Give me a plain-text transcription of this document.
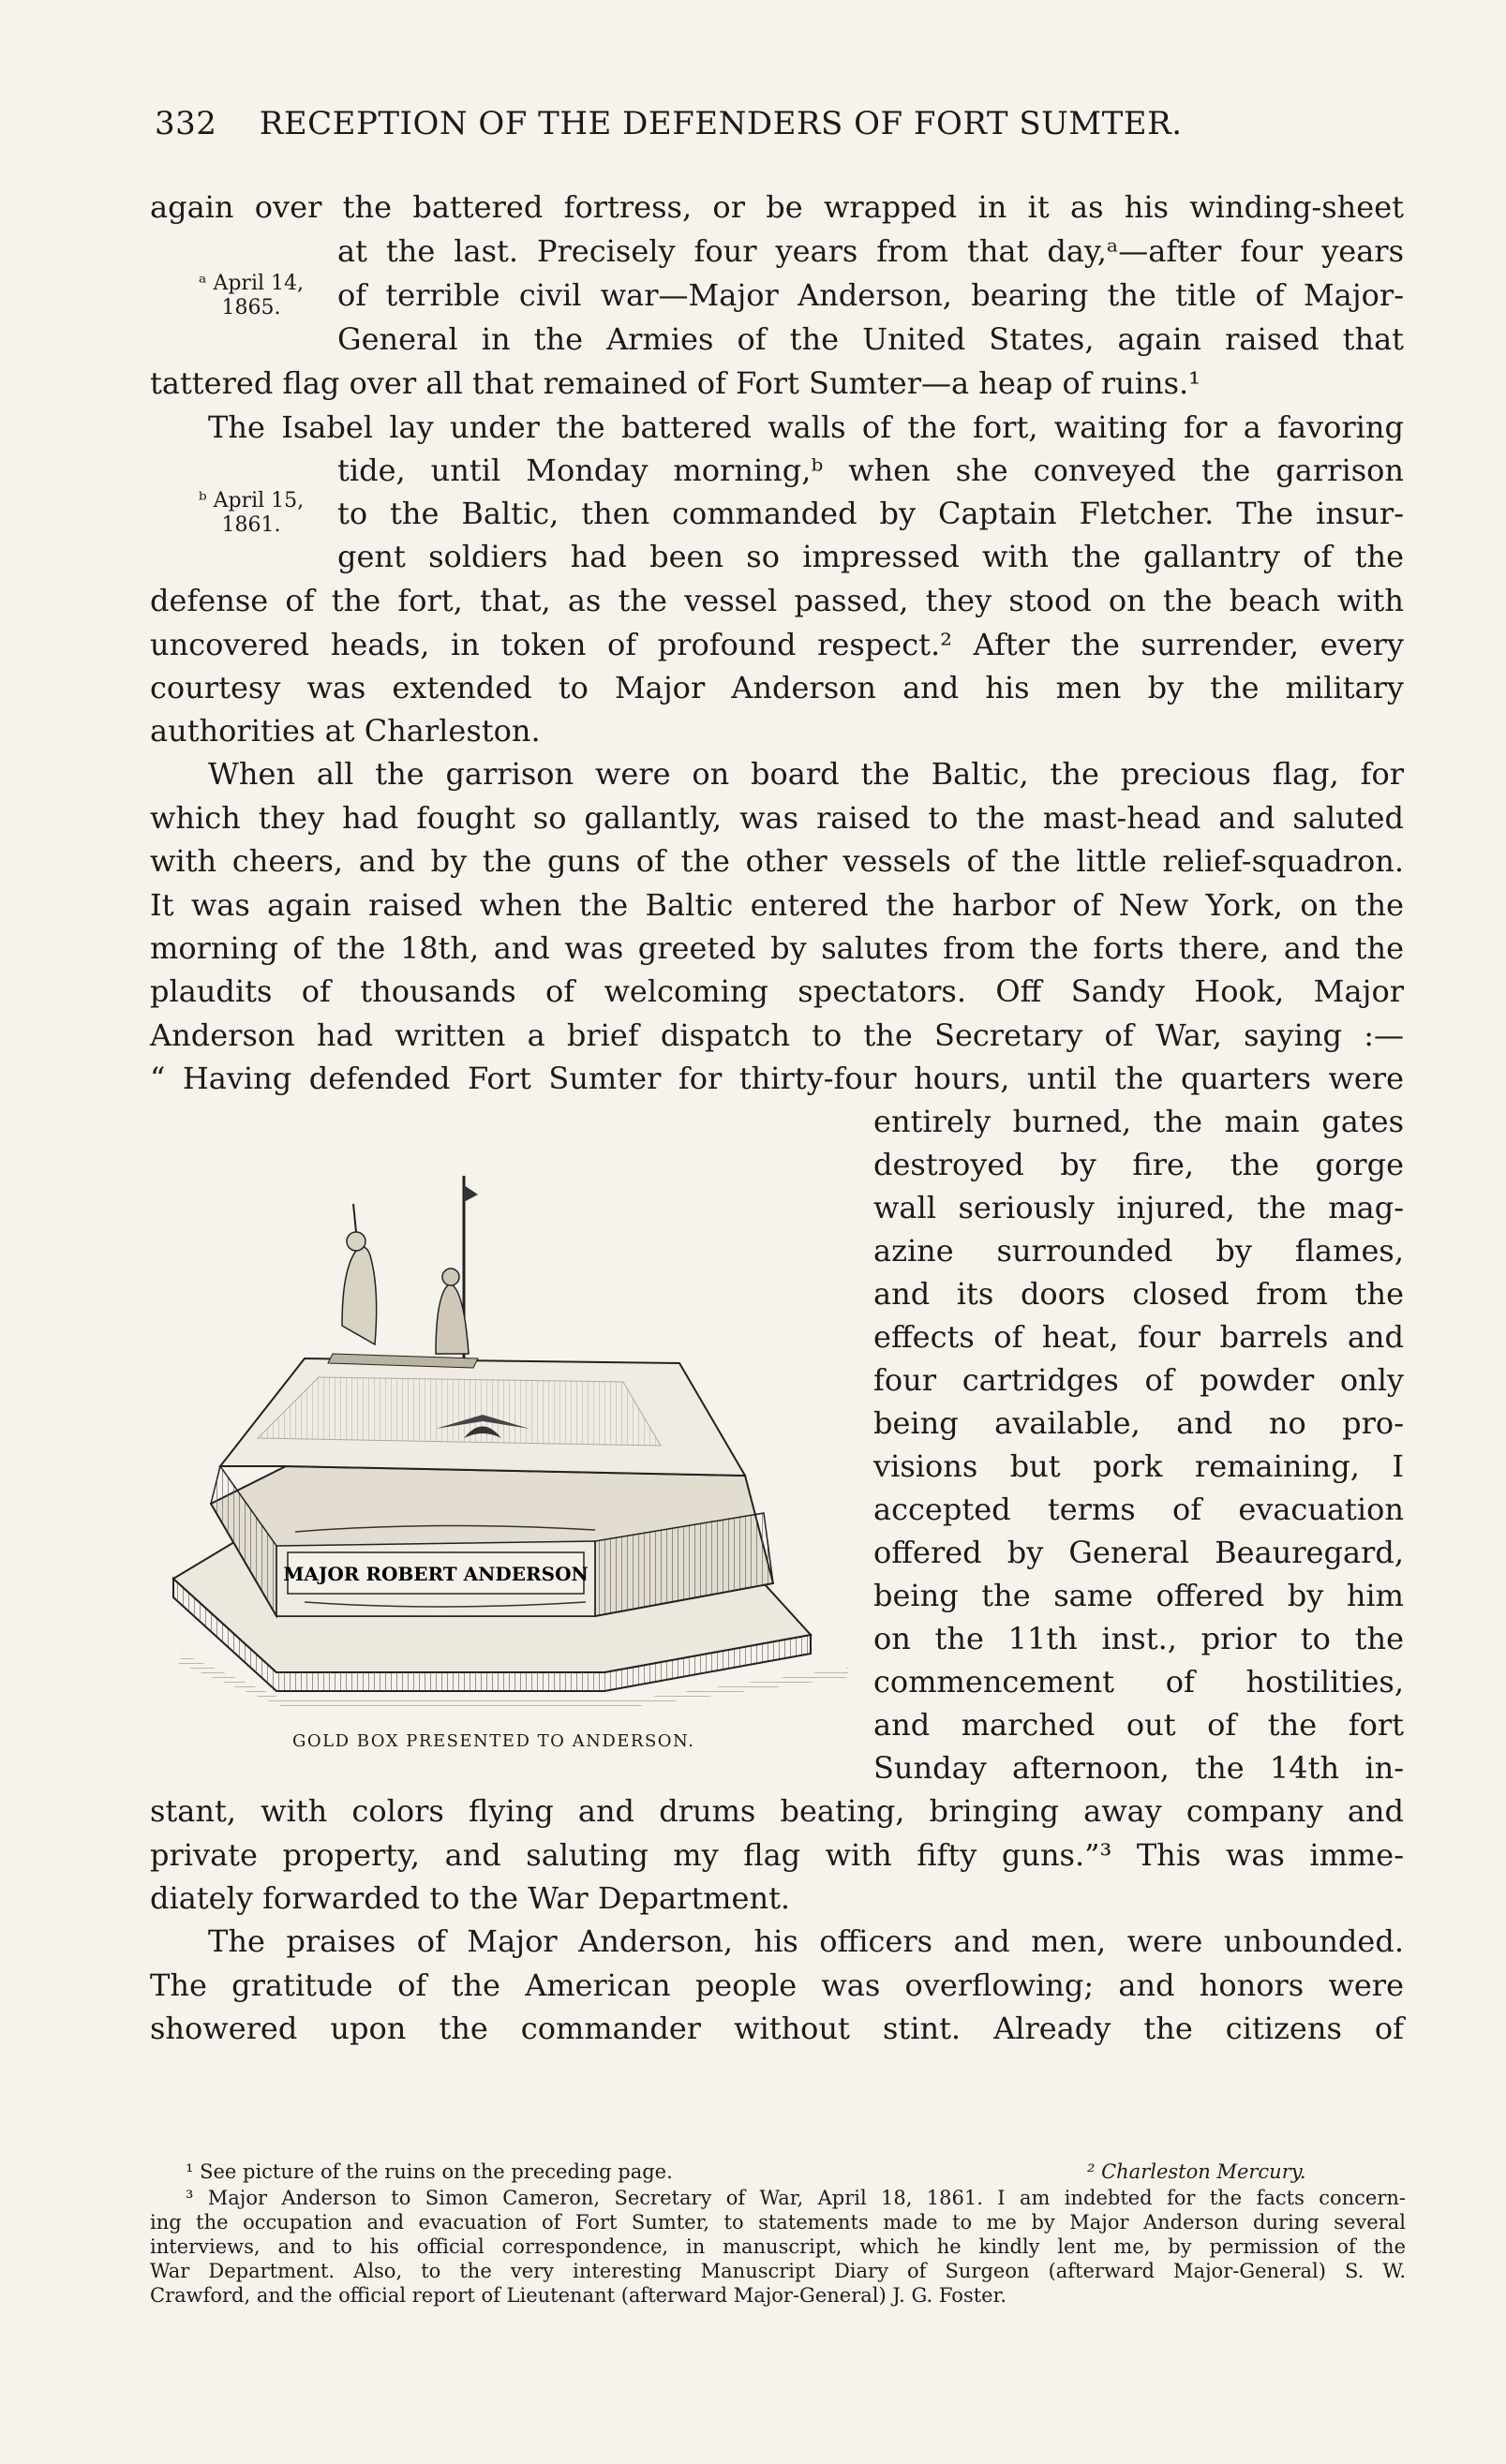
332 RECEPTION OF THE DEFENDERS OF FORT SUMTER.
ᵃ April 14,
1865.
ᵇ April 15,
1861.
again over the battered fortress, or be wrapped in it as his winding-sheet
at the last. Precisely four years from that day,ᵃ—after four years
of terrible civil war—Major Anderson, bearing the title of Major-
General in the Armies of the United States, again raised that
tattered flag over all that remained of Fort Sumter—a heap of ruins.¹
The Isabel lay under the battered walls of the fort, waiting for a favoring
tide, until Monday morning,ᵇ when she conveyed the garrison
to the Baltic, then commanded by Captain Fletcher. The insur-
gent soldiers had been so impressed with the gallantry of the
defense of the fort, that, as the vessel passed, they stood on the beach with
uncovered heads, in token of profound respect.² After the surrender, every
courtesy was extended to Major Anderson and his men by the military
authorities at Charleston.
When all the garrison were on board the Baltic, the precious flag, for
which they had fought so gallantly, was raised to the mast-head and saluted
with cheers, and by the guns of the other vessels of the little relief-squadron.
It was again raised when the Baltic entered the harbor of New York, on the
morning of the 18th, and was greeted by salutes from the forts there, and the
plaudits of thousands of welcoming spectators. Off Sandy Hook, Major
Anderson had written a brief dispatch to the Secretary of War, saying :—
“ Having defended Fort Sumter for thirty-four hours, until the quarters were
entirely burned, the main gates
destroyed by fire, the gorge
wall seriously injured, the mag-
azine surrounded by flames,
and its doors closed from the
effects of heat, four barrels and
four cartridges of powder only
being available, and no pro-
visions but pork remaining, I
accepted terms of evacuation
offered by General Beauregard,
being the same offered by him
on the 11th inst., prior to the
commencement of hostilities,
and marched out of the fort
Sunday afternoon, the 14th in-
MAJOR ROBERT ANDERSON
GOLD BOX PRESENTED TO ANDERSON.
stant, with colors flying and drums beating, bringing away company and
private property, and saluting my flag with fifty guns.”³ This was imme-
diately forwarded to the War Department.
The praises of Major Anderson, his officers and men, were unbounded.
The gratitude of the American people was overflowing; and honors were
showered upon the commander without stint. Already the citizens of
¹ See picture of the ruins on the preceding page.	² Charleston Mercury.
³ Major Anderson to Simon Cameron, Secretary of War, April 18, 1861. I am indebted for the facts concern-
ing the occupation and evacuation of Fort Sumter, to statements made to me by Major Anderson during several
interviews, and to his official correspondence, in manuscript, which he kindly lent me, by permission of the
War Department. Also, to the very interesting Manuscript Diary of Surgeon (afterward Major-General) S. W.
Crawford, and the official report of Lieutenant (afterward Major-General) J. G. Foster.
